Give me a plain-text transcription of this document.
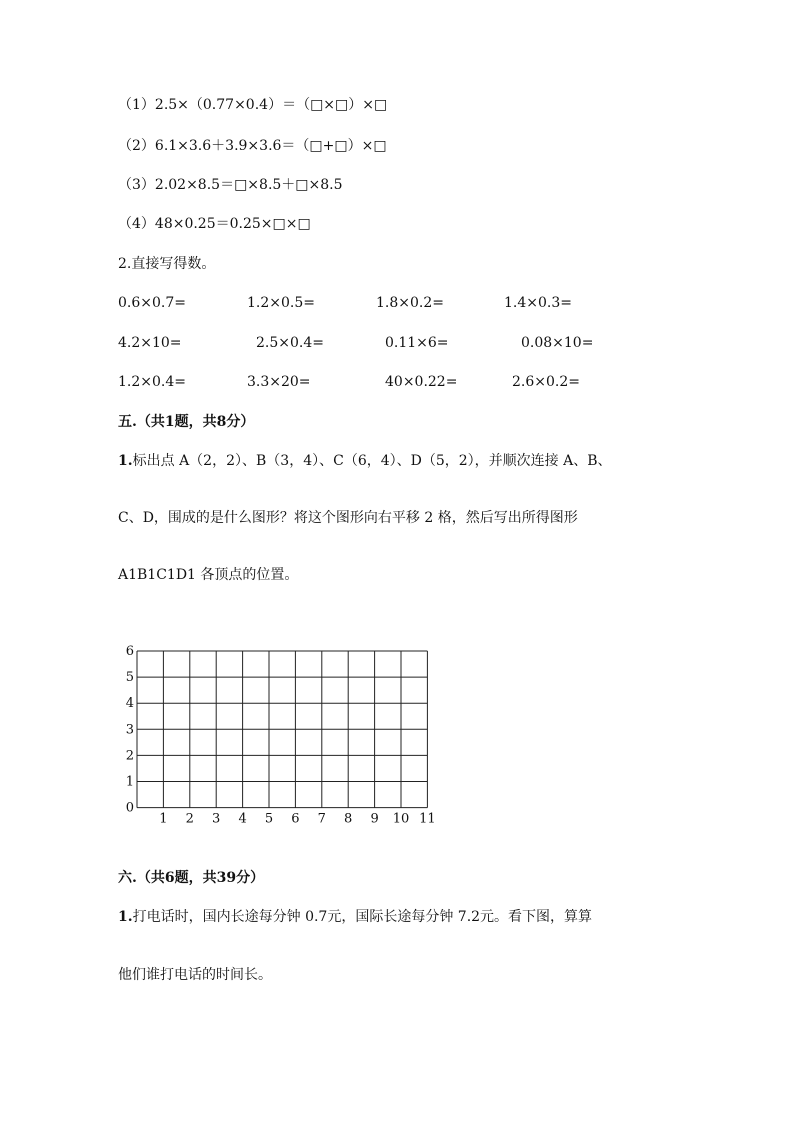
（1）2.5×（0.77×0.4）＝（□×□）×□
（2）6.1×3.6＋3.9×3.6＝（□+□）×□
（3）2.02×8.5＝□×8.5＋□×8.5
（4）48×0.25＝0.25×□×□
2.直接写得数。
0.6×0.7=	1.2×0.5=	1.8×0.2=	1.4×0.3=
4.2×10=	2.5×0.4=	0.11×6=	0.08×10=
1.2×0.4=	3.3×20=	40×0.22=	2.6×0.2=
五.（共1题，共8分）
1.标出点 A（2，2）、B（3，4）、C（6，4）、D（5，2），并顺次连接 A、B、
C、D，围成的是什么图形？将这个图形向右平移 2 格，然后写出所得图形
A1B1C1D1 各顶点的位置。
1 2 3 4 5 6 7 8 9 10 11
0
1
2
3
4
5
6
六.（共6题，共39分）
1.打电话时，国内长途每分钟 0.7元，国际长途每分钟 7.2元。看下图，算算
他们谁打电话的时间长。
